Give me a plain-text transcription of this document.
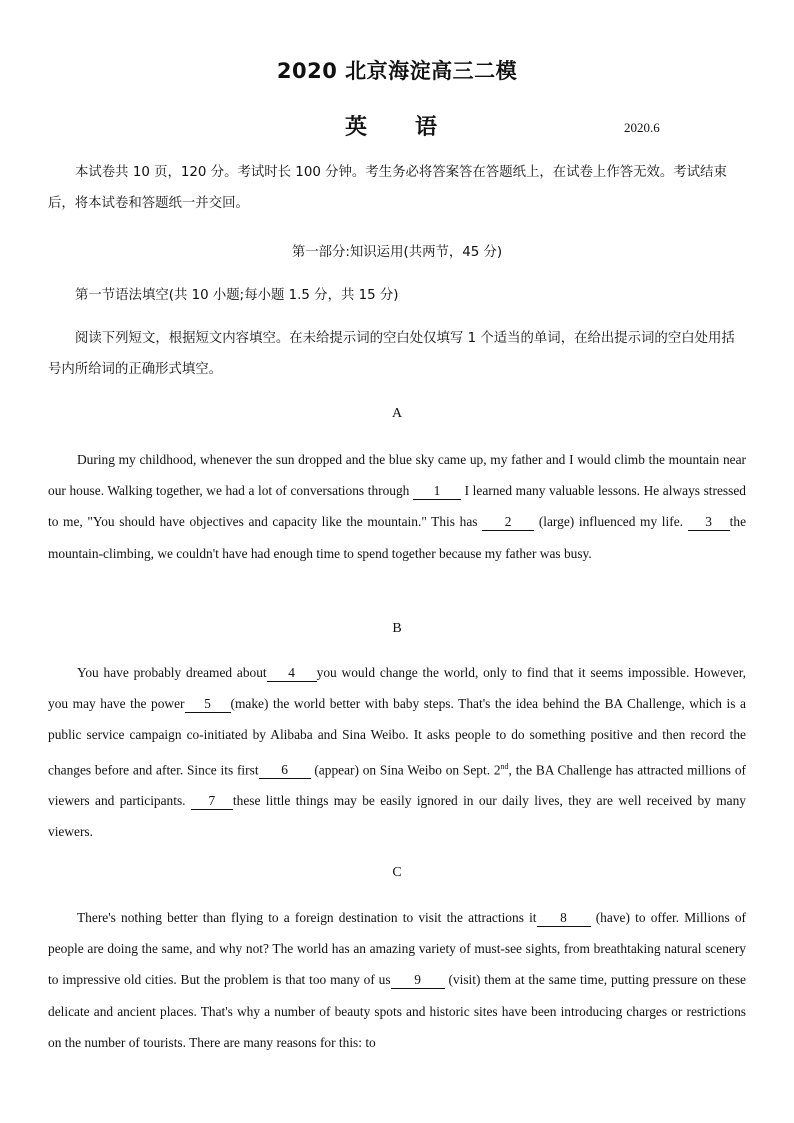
2020 北京海淀高三二模
英语	2020.6
本试卷共 10 页，120 分。考试时长 100 分钟。考生务必将答案答在答题纸上，在试卷上作答无效。考试结束后，将本试卷和答题纸一并交回。
第一部分:知识运用(共两节，45 分)
第一节语法填空(共 10 小题;每小题 1.5 分，共 15 分)
阅读下列短文，根据短文内容填空。在未给提示词的空白处仅填写 1 个适当的单词，在给出提示词的空白处用括号内所给词的正确形式填空。
A
During my childhood, whenever the sun dropped and the blue sky came up, my father and I would climb the mountain near our house. Walking together, we had a lot of conversations through 1 I learned many valuable lessons. He always stressed to me, "You should have objectives and capacity like the mountain." This has 2 (large) influenced my life. 3 the mountain-climbing, we couldn't have had enough time to spend together because my father was busy.
B
You have probably dreamed about 4 you would change the world, only to find that it seems impossible. However, you may have the power 5 (make) the world better with baby steps. That's the idea behind the BA Challenge, which is a public service campaign co-initiated by Alibaba and Sina Weibo. It asks people to do something positive and then record the changes before and after. Since its first 6 (appear) on Sina Weibo on Sept. 2nd, the BA Challenge has attracted millions of viewers and participants. 7 these little things may be easily ignored in our daily lives, they are well received by many viewers.
C
There's nothing better than flying to a foreign destination to visit the attractions it 8 (have) to offer. Millions of people are doing the same, and why not? The world has an amazing variety of must-see sights, from breathtaking natural scenery to impressive old cities. But the problem is that too many of us 9 (visit) them at the same time, putting pressure on these delicate and ancient places. That's why a number of beauty spots and historic sites have been introducing charges or restrictions on the number of tourists. There are many reasons for this: to
